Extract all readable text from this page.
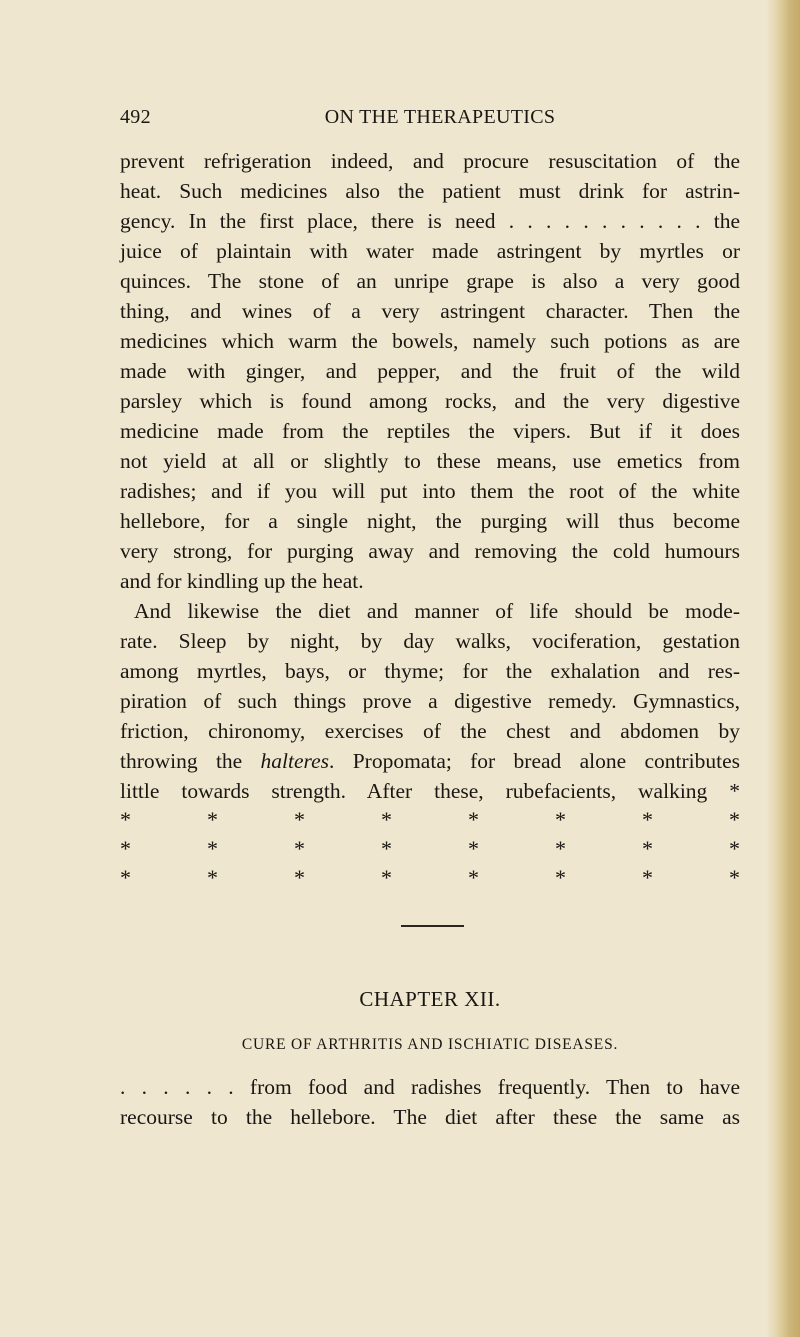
492	ON THE THERAPEUTICS
prevent refrigeration indeed, and procure resuscitation of the
heat. Such medicines also the patient must drink for astrin-
gency. In the first place, there is need . . . . . . . . . . . the
juice of plaintain with water made astringent by myrtles or
quinces. The stone of an unripe grape is also a very good
thing, and wines of a very astringent character. Then the
medicines which warm the bowels, namely such potions as are
made with ginger, and pepper, and the fruit of the wild
parsley which is found among rocks, and the very digestive
medicine made from the reptiles the vipers. But if it does
not yield at all or slightly to these means, use emetics from
radishes; and if you will put into them the root of the white
hellebore, for a single night, the purging will thus become
very strong, for purging away and removing the cold humours
and for kindling up the heat.
And likewise the diet and manner of life should be mode-
rate. Sleep by night, by day walks, vociferation, gestation
among myrtles, bays, or thyme; for the exhalation and res-
piration of such things prove a digestive remedy. Gymnastics,
friction, chironomy, exercises of the chest and abdomen by
throwing the halteres. Propomata; for bread alone contributes
little towards strength. After these, rubefacients, walking *
*	*	*	*	*	*	*	*
*	*	*	*	*	*	*	*
*	*	*	*	*	*	*	*
CHAPTER XII.
CURE OF ARTHRITIS AND ISCHIATIC DISEASES.
. . . . . . from food and radishes frequently. Then to have
recourse to the hellebore. The diet after these the same as
